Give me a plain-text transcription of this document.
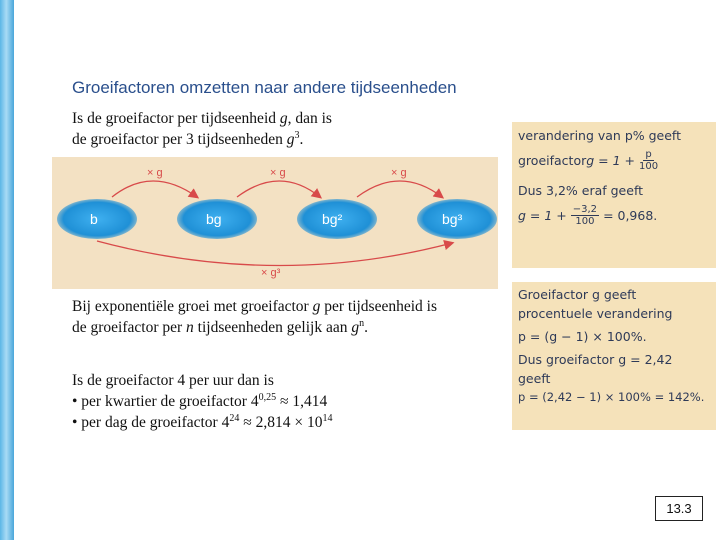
Groeifactoren omzetten naar andere tijdseenheden
Is de groeifactor per tijdseenheid g, dan is
de groeifactor per 3 tijdseenheden $g^3$.
× g	× g	× g
b	bg	bg²	bg³
× g³
Bij exponentiële groei met groeifactor g per tijdseenheid is
de groeifactor per n tijdseenheden gelijk aan $g^n$.
Is de groeifactor 4 per uur dan is
• per kwartier de groeifactor $4^{0,25} \approx 1,414$
• per dag de groeifactor $4^{24} \approx 2,814 \times 10^{14}$
verandering van p% geeft
groeifactor $g = 1 + \frac{p}{100}$
Dus 3,2% eraf geeft
$g = 1 + \frac{-3,2}{100} = 0,968$.
Groeifactor g geeft
procentuele verandering
p = (g − 1) × 100%.
Dus groeifactor g = 2,42
geeft
p = (2,42 − 1) × 100% = 142%.
13.3
